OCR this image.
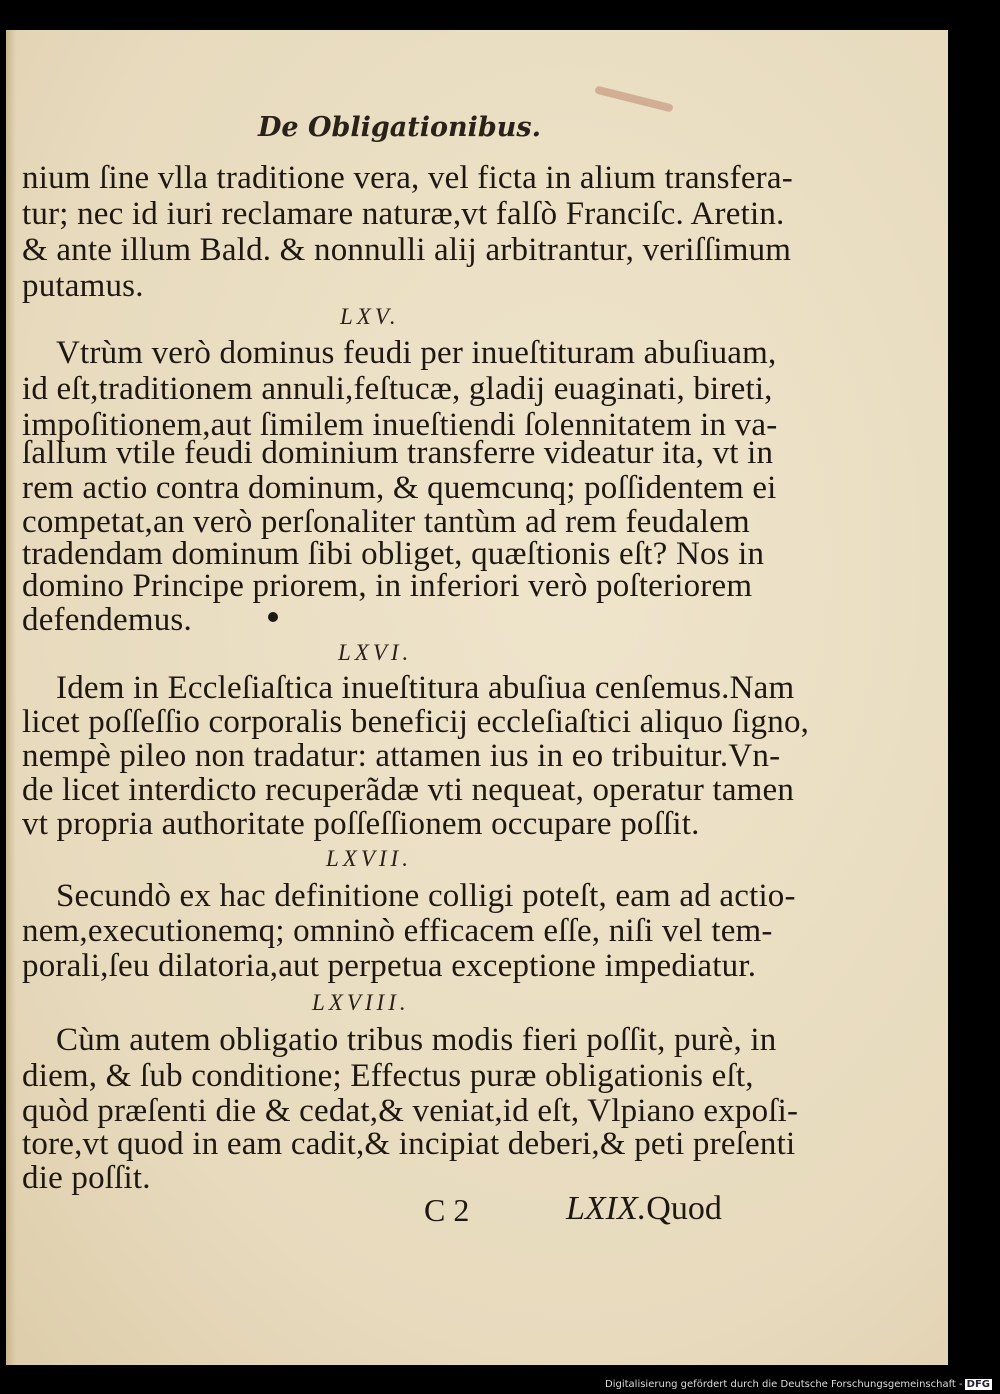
De Obligationibus.
nium ſine vlla traditione vera, vel ficta in alium transfera-
tur; nec id iuri reclamare naturæ,vt falſò Franciſc. Aretin.
& ante illum Bald. & nonnulli alij arbitrantur, veriſſimum
putamus.
LXV.
Vtrùm verò dominus feudi per inueſtituram abuſiuam,
id eſt,traditionem annuli,feſtucæ, gladij euaginati, bireti,
impoſitionem,aut ſimilem inueſtiendi ſolennitatem in va-
ſallum vtile feudi dominium transferre videatur ita, vt in
rem actio contra dominum, & quemcunq; poſſidentem ei
competat,an verò perſonaliter tantùm ad rem feudalem
tradendam dominum ſibi obliget, quæſtionis eſt? Nos in
domino Principe priorem, in inferiori verò poſteriorem
defendemus.
LXVI.
Idem in Eccleſiaſtica inueſtitura abuſiua cenſemus.Nam
licet poſſeſſio corporalis beneficij eccleſiaſtici aliquo ſigno,
nempè pileo non tradatur: attamen ius in eo tribuitur.Vn-
de licet interdicto recuperãdæ vti nequeat, operatur tamen
vt propria authoritate poſſeſſionem occupare poſſit.
LXVII.
Secundò ex hac definitione colligi poteſt, eam ad actio-
nem,executionemq; omninò efficacem eſſe, niſi vel tem-
porali,ſeu dilatoria,aut perpetua exceptione impediatur.
LXVIII.
Cùm autem obligatio tribus modis fieri poſſit, purè, in
diem, & ſub conditione; Effectus puræ obligationis eſt,
quòd præſenti die & cedat,& veniat,id eſt, Vlpiano expoſi-
tore,vt quod in eam cadit,& incipiat deberi,& peti preſenti
die poſſit.
C 2	LXIX.Quod
Digitalisierung gefördert durch die Deutsche Forschungsgemeinschaft - DFG
